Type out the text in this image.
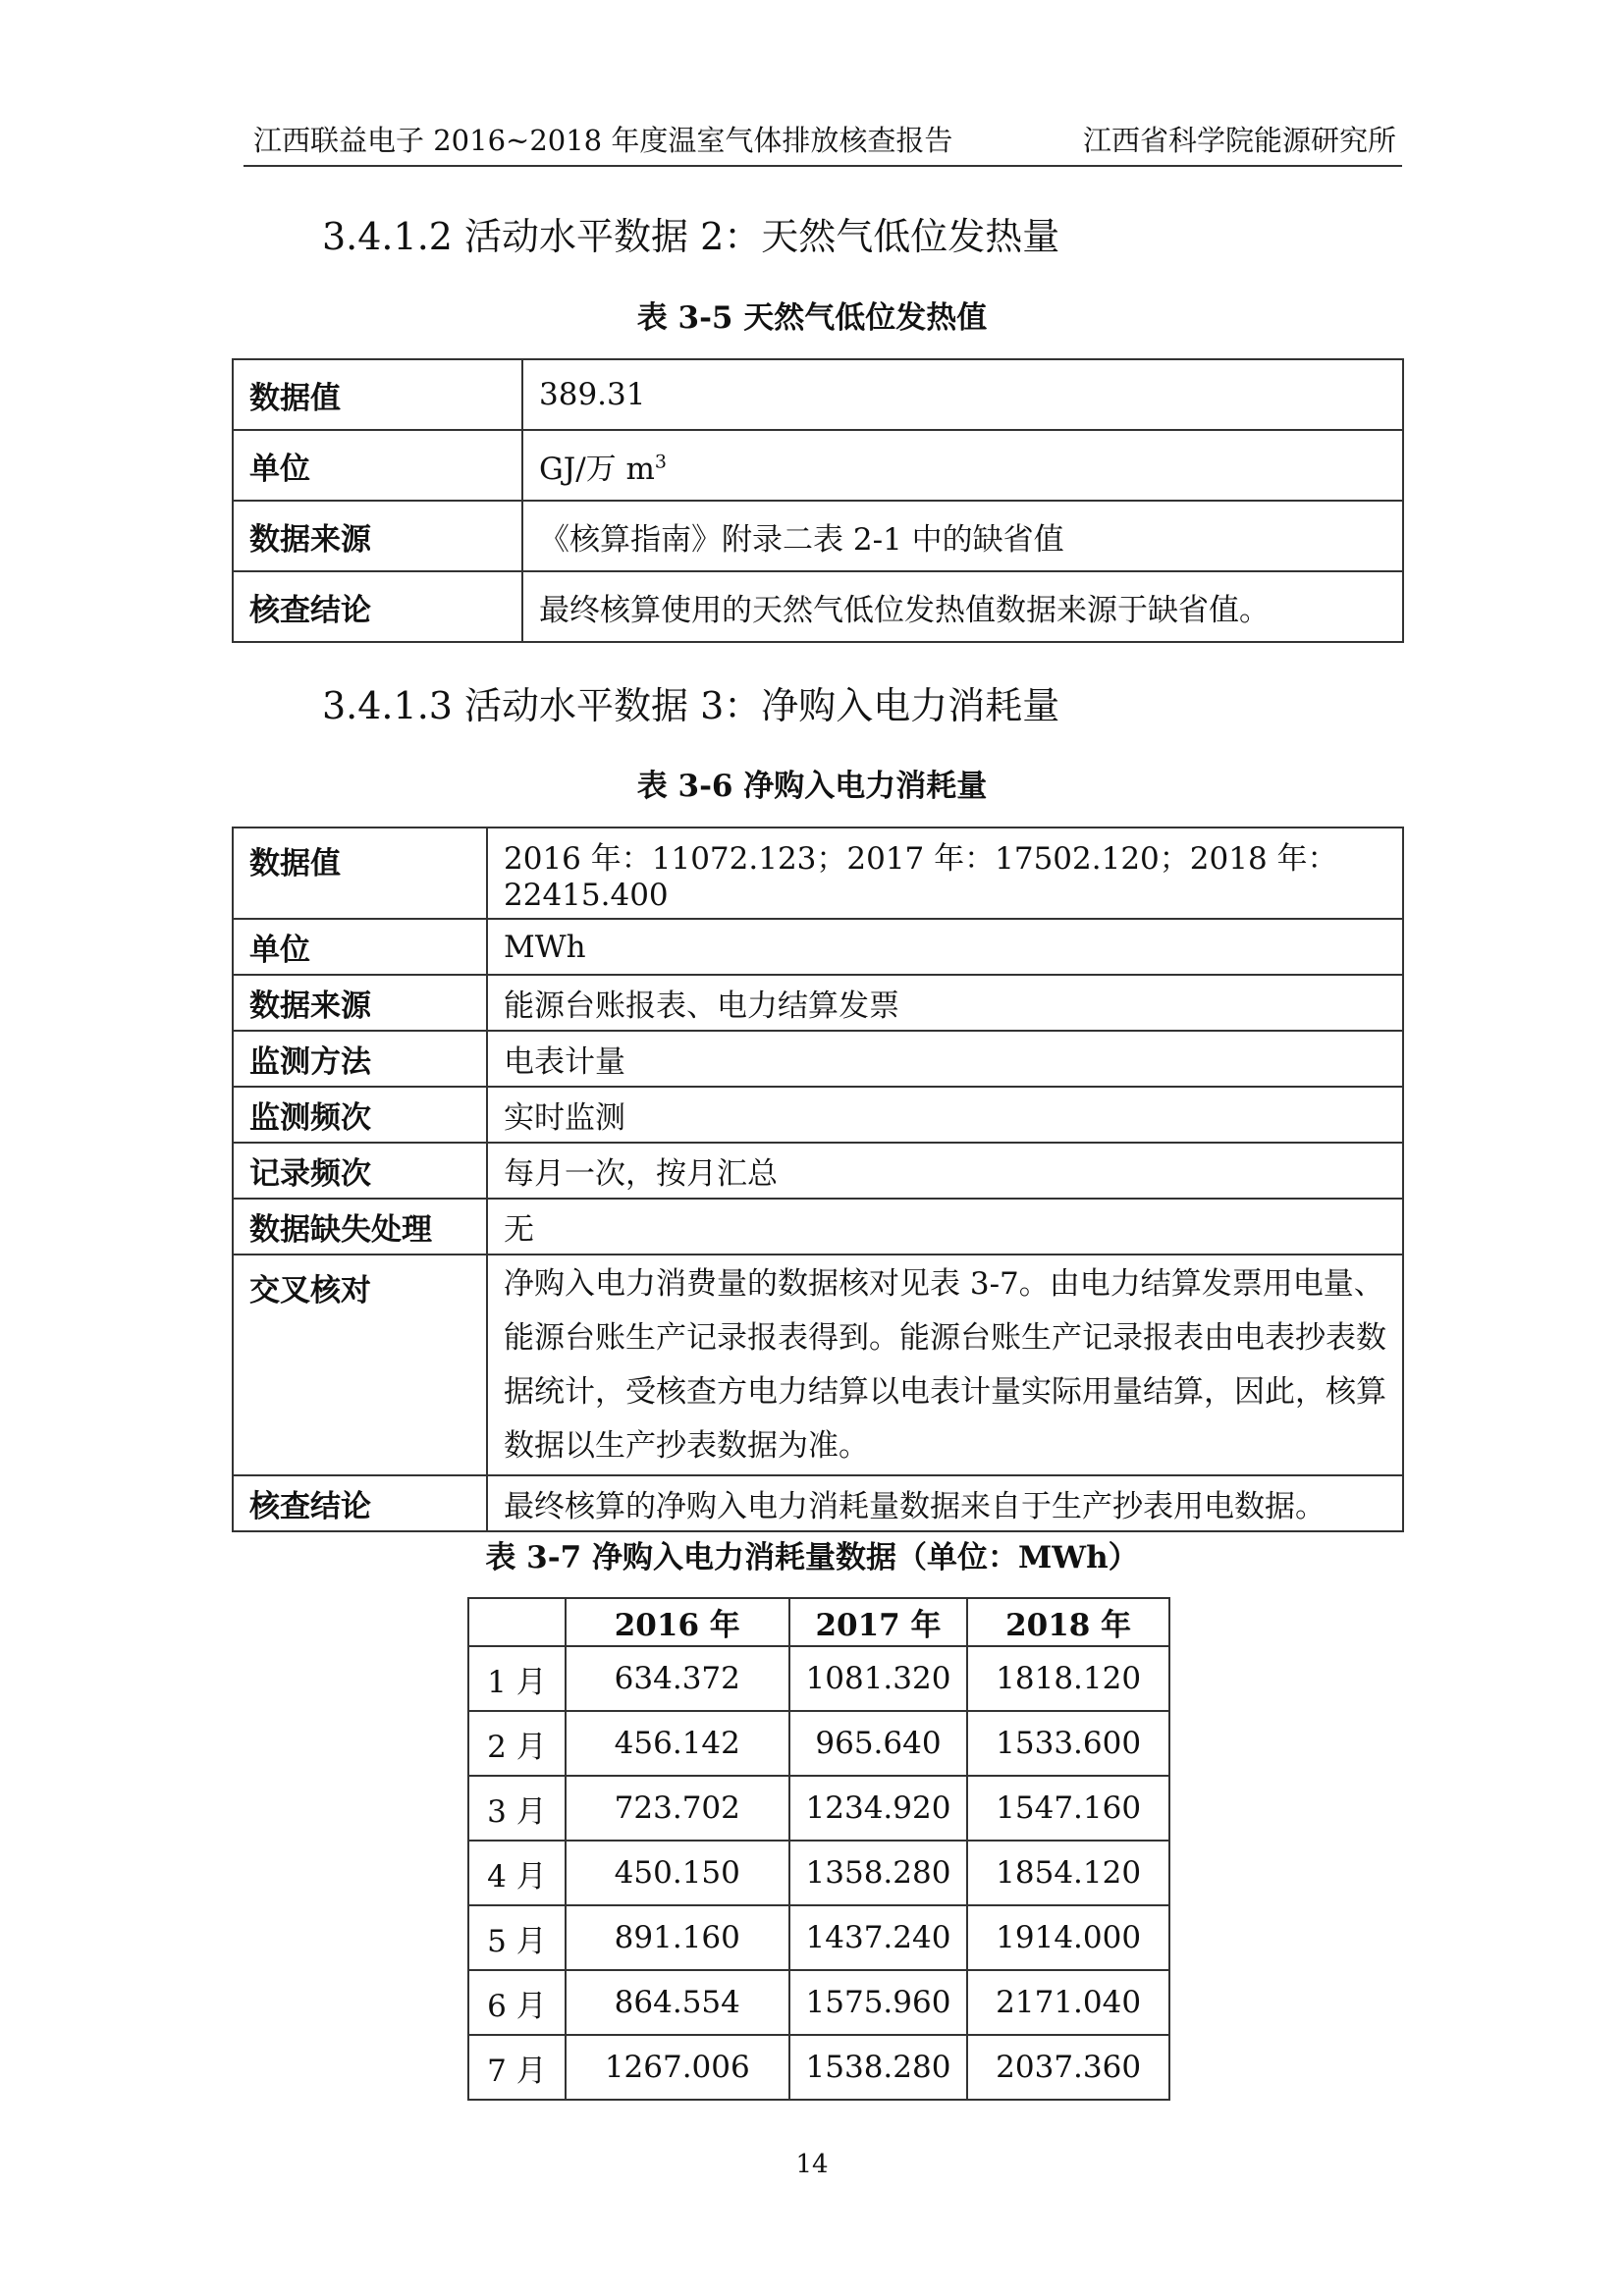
江西联益电子 2016~2018 年度温室气体排放核查报告	江西省科学院能源研究所
3.4.1.2 活动水平数据 2：天然气低位发热量
表 3-5 天然气低位发热值
数据值	389.31
单位	GJ/万 $m^3$
数据来源	《核算指南》附录二表 2-1 中的缺省值
核查结论	最终核算使用的天然气低位发热值数据来源于缺省值。
3.4.1.3 活动水平数据 3：净购入电力消耗量
表 3-6 净购入电力消耗量
数据值	2016 年：11072.123；2017 年：17502.120；2018 年：22415.400
单位	MWh
数据来源	能源台账报表、电力结算发票
监测方法	电表计量
监测频次	实时监测
记录频次	每月一次，按月汇总
数据缺失处理	无
交叉核对	净购入电力消费量的数据核对见表 3-7。由电力结算发票用电量、能源台账生产记录报表得到。能源台账生产记录报表由电表抄表数据统计，受核查方电力结算以电表计量实际用量结算，因此，核算数据以生产抄表数据为准。
核查结论	最终核算的净购入电力消耗量数据来自于生产抄表用电数据。
表 3-7 净购入电力消耗量数据（单位：MWh）
	2016 年	2017 年	2018 年
1 月	634.372	1081.320	1818.120
2 月	456.142	965.640	1533.600
3 月	723.702	1234.920	1547.160
4 月	450.150	1358.280	1854.120
5 月	891.160	1437.240	1914.000
6 月	864.554	1575.960	2171.040
7 月	1267.006	1538.280	2037.360
14
